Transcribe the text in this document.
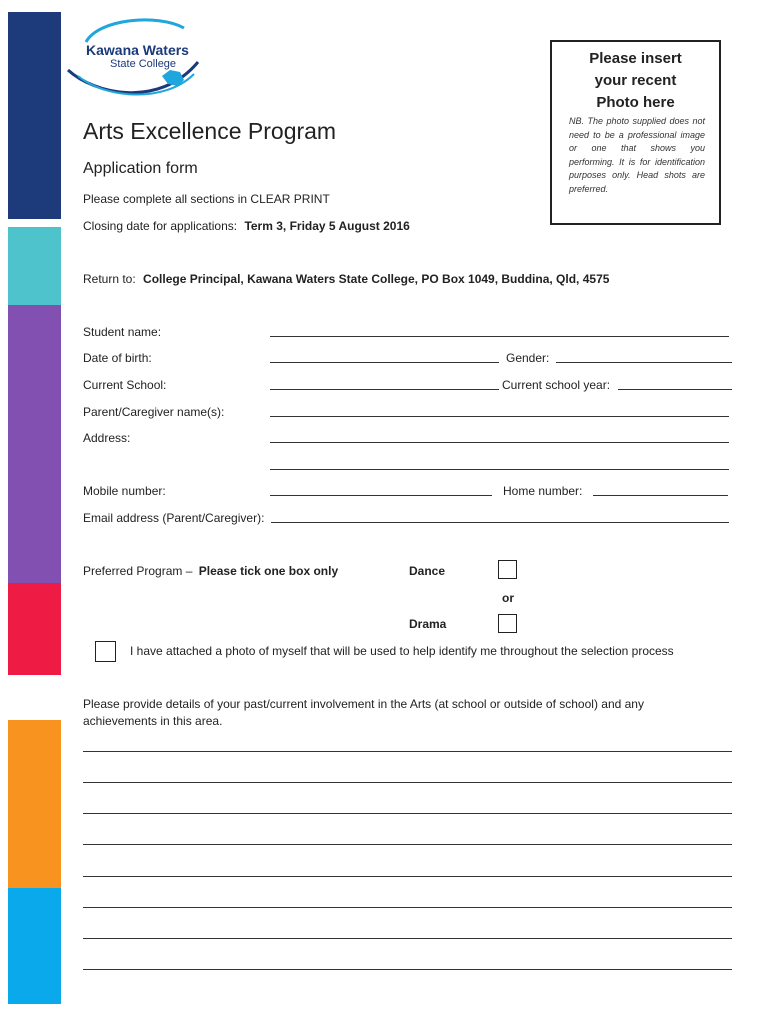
Kawana Waters
State College
Arts Excellence Program
Application form
Please complete all sections in CLEAR PRINT
Closing date for applications: Term 3, Friday 5 August 2016
Return to: College Principal, Kawana Waters State College, PO Box 1049, Buddina, Qld, 4575
Please insert
your recent
Photo here
NB. The photo supplied does not need to be a professional image or one that shows you performing. It is for identification purposes only. Head shots are preferred.
Student name:
Date of birth:	Gender:
Current School:	Current school year:
Parent/Caregiver name(s):
Address:
Mobile number:	Home number:
Email address (Parent/Caregiver):
Preferred Program – Please tick one box only	Dance
or
Drama
I have attached a photo of myself that will be used to help identify me throughout the selection process
Please provide details of your past/current involvement in the Arts (at school or outside of school) and any
achievements in this area.
